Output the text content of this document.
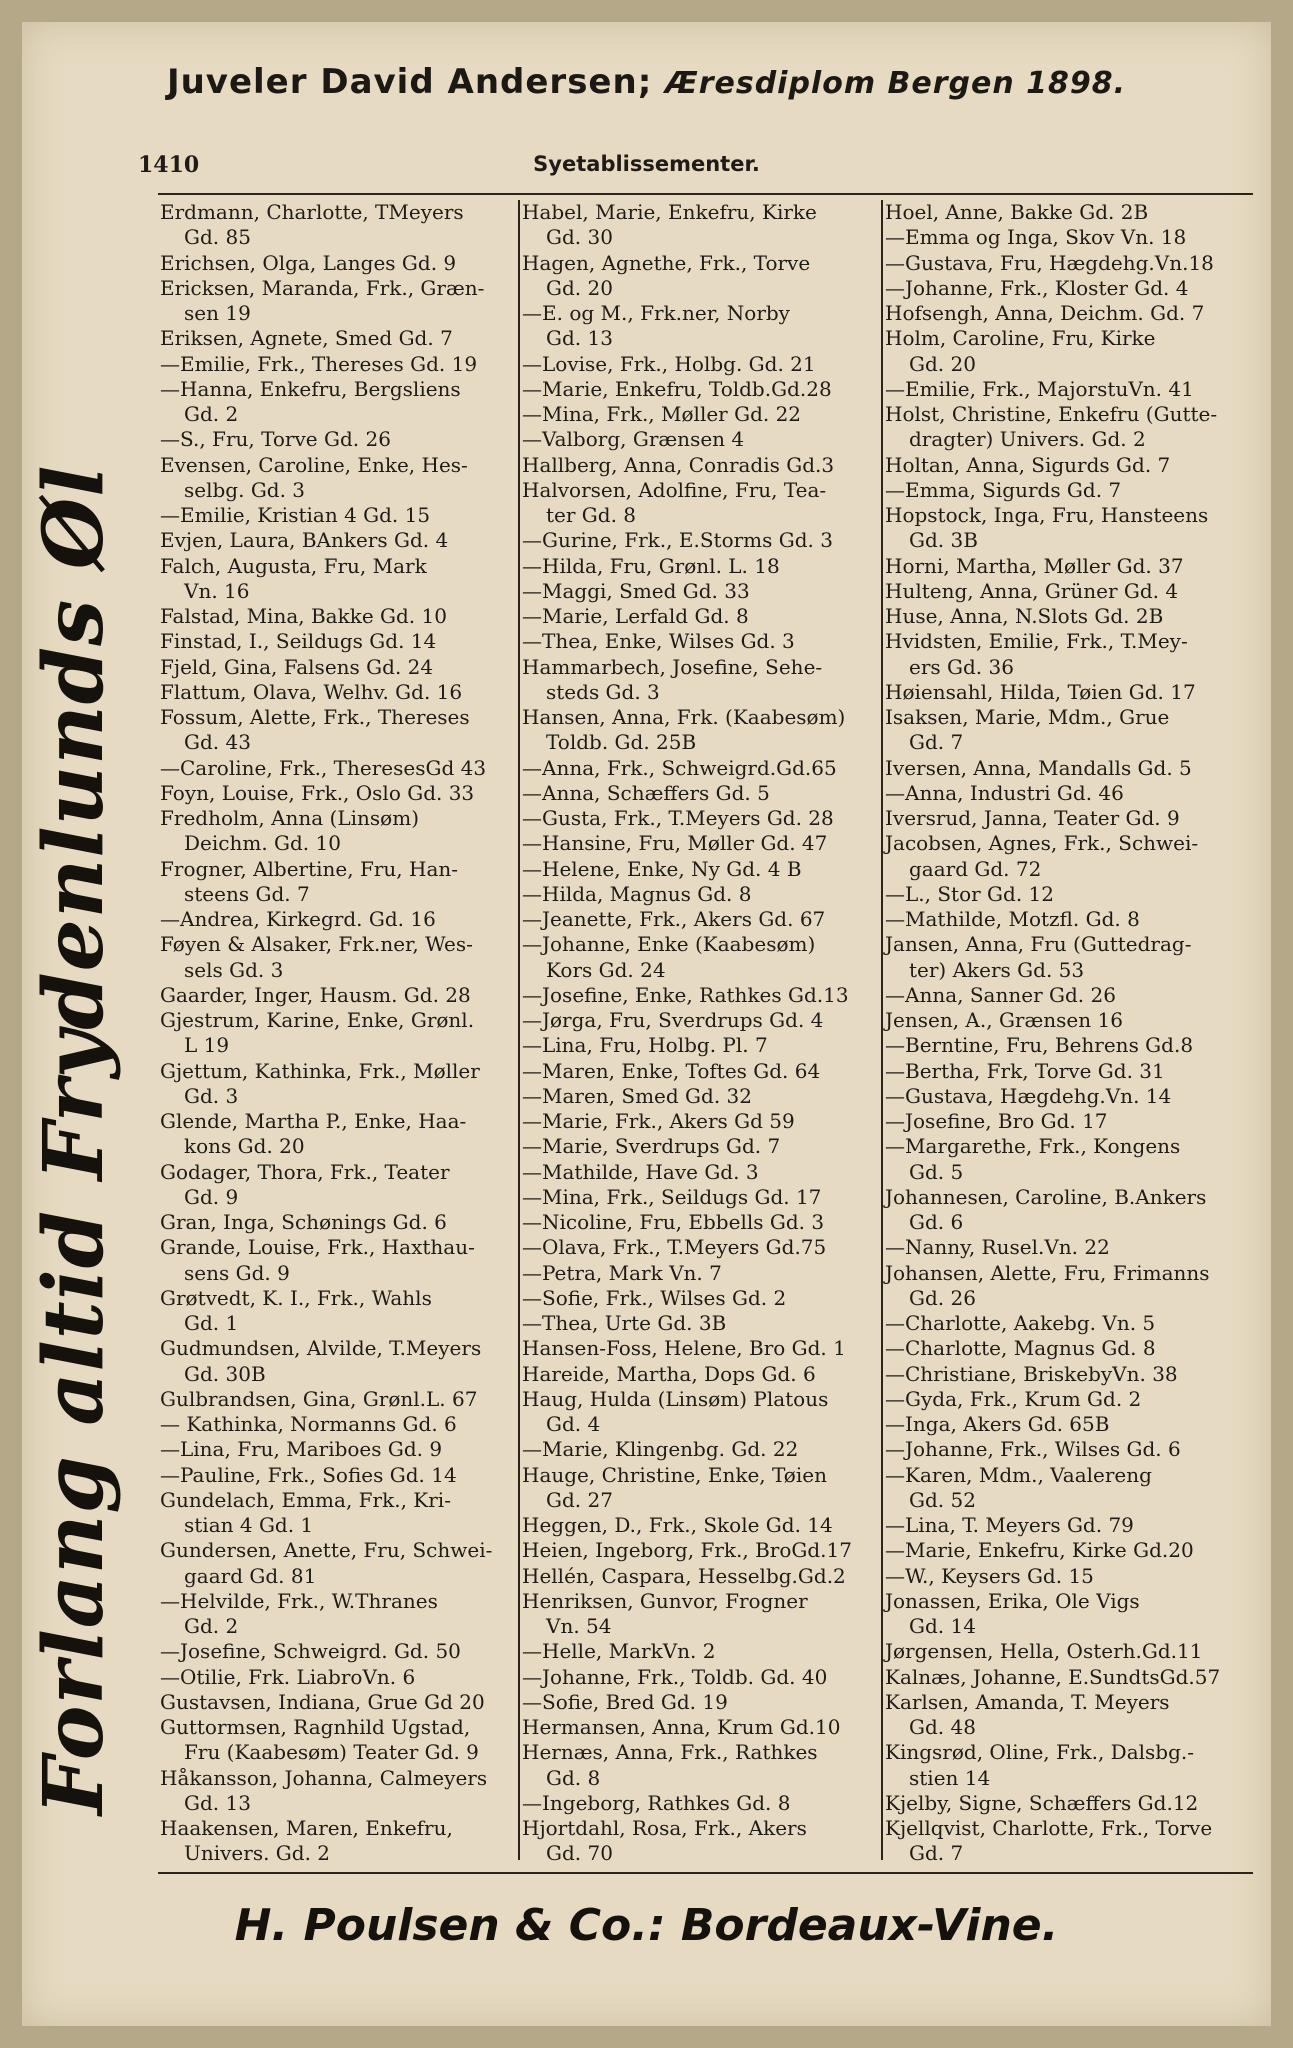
Juveler David Andersen; Æresdiplom Bergen 1898.
1410	Syetablissementer.
Forlang altid Frydenlunds Øl
Erdmann, Charlotte, TMeyers
Gd. 85
Erichsen, Olga, Langes Gd. 9
Ericksen, Maranda, Frk., Græn-
sen 19
Eriksen, Agnete, Smed Gd. 7
—Emilie, Frk., Thereses Gd. 19
—Hanna, Enkefru, Bergsliens
Gd. 2
—S., Fru, Torve Gd. 26
Evensen, Caroline, Enke, Hes-
selbg. Gd. 3
—Emilie, Kristian 4 Gd. 15
Evjen, Laura, BAnkers Gd. 4
Falch, Augusta, Fru, Mark
Vn. 16
Falstad, Mina, Bakke Gd. 10
Finstad, I., Seildugs Gd. 14
Fjeld, Gina, Falsens Gd. 24
Flattum, Olava, Welhv. Gd. 16
Fossum, Alette, Frk., Thereses
Gd. 43
—Caroline, Frk., TheresesGd 43
Foyn, Louise, Frk., Oslo Gd. 33
Fredholm, Anna (Linsøm)
Deichm. Gd. 10
Frogner, Albertine, Fru, Han-
steens Gd. 7
—Andrea, Kirkegrd. Gd. 16
Føyen & Alsaker, Frk.ner, Wes-
sels Gd. 3
Gaarder, Inger, Hausm. Gd. 28
Gjestrum, Karine, Enke, Grønl.
L 19
Gjettum, Kathinka, Frk., Møller
Gd. 3
Glende, Martha P., Enke, Haa-
kons Gd. 20
Godager, Thora, Frk., Teater
Gd. 9
Gran, Inga, Schønings Gd. 6
Grande, Louise, Frk., Haxthau-
sens Gd. 9
Grøtvedt, K. I., Frk., Wahls
Gd. 1
Gudmundsen, Alvilde, T.Meyers
Gd. 30B
Gulbrandsen, Gina, Grønl.L. 67
— Kathinka, Normanns Gd. 6
—Lina, Fru, Mariboes Gd. 9
—Pauline, Frk., Sofies Gd. 14
Gundelach, Emma, Frk., Kri-
stian 4 Gd. 1
Gundersen, Anette, Fru, Schwei-
gaard Gd. 81
—Helvilde, Frk., W.Thranes
Gd. 2
—Josefine, Schweigrd. Gd. 50
—Otilie, Frk. LiabroVn. 6
Gustavsen, Indiana, Grue Gd 20
Guttormsen, Ragnhild Ugstad,
Fru (Kaabesøm) Teater Gd. 9
Håkansson, Johanna, Calmeyers
Gd. 13
Haakensen, Maren, Enkefru,
Univers. Gd. 2
Habel, Marie, Enkefru, Kirke
Gd. 30
Hagen, Agnethe, Frk., Torve
Gd. 20
—E. og M., Frk.ner, Norby
Gd. 13
—Lovise, Frk., Holbg. Gd. 21
—Marie, Enkefru, Toldb.Gd.28
—Mina, Frk., Møller Gd. 22
—Valborg, Grænsen 4
Hallberg, Anna, Conradis Gd.3
Halvorsen, Adolfine, Fru, Tea-
ter Gd. 8
—Gurine, Frk., E.Storms Gd. 3
—Hilda, Fru, Grønl. L. 18
—Maggi, Smed Gd. 33
—Marie, Lerfald Gd. 8
—Thea, Enke, Wilses Gd. 3
Hammarbech, Josefine, Sehe-
steds Gd. 3
Hansen, Anna, Frk. (Kaabesøm)
Toldb. Gd. 25B
—Anna, Frk., Schweigrd.Gd.65
—Anna, Schæffers Gd. 5
—Gusta, Frk., T.Meyers Gd. 28
—Hansine, Fru, Møller Gd. 47
—Helene, Enke, Ny Gd. 4 B
—Hilda, Magnus Gd. 8
—Jeanette, Frk., Akers Gd. 67
—Johanne, Enke (Kaabesøm)
Kors Gd. 24
—Josefine, Enke, Rathkes Gd.13
—Jørga, Fru, Sverdrups Gd. 4
—Lina, Fru, Holbg. Pl. 7
—Maren, Enke, Toftes Gd. 64
—Maren, Smed Gd. 32
—Marie, Frk., Akers Gd 59
—Marie, Sverdrups Gd. 7
—Mathilde, Have Gd. 3
—Mina, Frk., Seildugs Gd. 17
—Nicoline, Fru, Ebbells Gd. 3
—Olava, Frk., T.Meyers Gd.75
—Petra, Mark Vn. 7
—Sofie, Frk., Wilses Gd. 2
—Thea, Urte Gd. 3B
Hansen-Foss, Helene, Bro Gd. 1
Hareide, Martha, Dops Gd. 6
Haug, Hulda (Linsøm) Platous
Gd. 4
—Marie, Klingenbg. Gd. 22
Hauge, Christine, Enke, Tøien
Gd. 27
Heggen, D., Frk., Skole Gd. 14
Heien, Ingeborg, Frk., BroGd.17
Hellén, Caspara, Hesselbg.Gd.2
Henriksen, Gunvor, Frogner
Vn. 54
—Helle, MarkVn. 2
—Johanne, Frk., Toldb. Gd. 40
—Sofie, Bred Gd. 19
Hermansen, Anna, Krum Gd.10
Hernæs, Anna, Frk., Rathkes
Gd. 8
—Ingeborg, Rathkes Gd. 8
Hjortdahl, Rosa, Frk., Akers
Gd. 70
Hoel, Anne, Bakke Gd. 2B
—Emma og Inga, Skov Vn. 18
—Gustava, Fru, Hægdehg.Vn.18
—Johanne, Frk., Kloster Gd. 4
Hofsengh, Anna, Deichm. Gd. 7
Holm, Caroline, Fru, Kirke
Gd. 20
—Emilie, Frk., MajorstuVn. 41
Holst, Christine, Enkefru (Gutte-
dragter) Univers. Gd. 2
Holtan, Anna, Sigurds Gd. 7
—Emma, Sigurds Gd. 7
Hopstock, Inga, Fru, Hansteens
Gd. 3B
Horni, Martha, Møller Gd. 37
Hulteng, Anna, Grüner Gd. 4
Huse, Anna, N.Slots Gd. 2B
Hvidsten, Emilie, Frk., T.Mey-
ers Gd. 36
Høiensahl, Hilda, Tøien Gd. 17
Isaksen, Marie, Mdm., Grue
Gd. 7
Iversen, Anna, Mandalls Gd. 5
—Anna, Industri Gd. 46
Iversrud, Janna, Teater Gd. 9
Jacobsen, Agnes, Frk., Schwei-
gaard Gd. 72
—L., Stor Gd. 12
—Mathilde, Motzfl. Gd. 8
Jansen, Anna, Fru (Guttedrag-
ter) Akers Gd. 53
—Anna, Sanner Gd. 26
Jensen, A., Grænsen 16
—Berntine, Fru, Behrens Gd.8
—Bertha, Frk, Torve Gd. 31
—Gustava, Hægdehg.Vn. 14
—Josefine, Bro Gd. 17
—Margarethe, Frk., Kongens
Gd. 5
Johannesen, Caroline, B.Ankers
Gd. 6
—Nanny, Rusel.Vn. 22
Johansen, Alette, Fru, Frimanns
Gd. 26
—Charlotte, Aakebg. Vn. 5
—Charlotte, Magnus Gd. 8
—Christiane, BriskebyVn. 38
—Gyda, Frk., Krum Gd. 2
—Inga, Akers Gd. 65B
—Johanne, Frk., Wilses Gd. 6
—Karen, Mdm., Vaalereng
Gd. 52
—Lina, T. Meyers Gd. 79
—Marie, Enkefru, Kirke Gd.20
—W., Keysers Gd. 15
Jonassen, Erika, Ole Vigs
Gd. 14
Jørgensen, Hella, Osterh.Gd.11
Kalnæs, Johanne, E.SundtsGd.57
Karlsen, Amanda, T. Meyers
Gd. 48
Kingsrød, Oline, Frk., Dalsbg.-
stien 14
Kjelby, Signe, Schæffers Gd.12
Kjellqvist, Charlotte, Frk., Torve
Gd. 7
H. Poulsen & Co.: Bordeaux-Vine.
